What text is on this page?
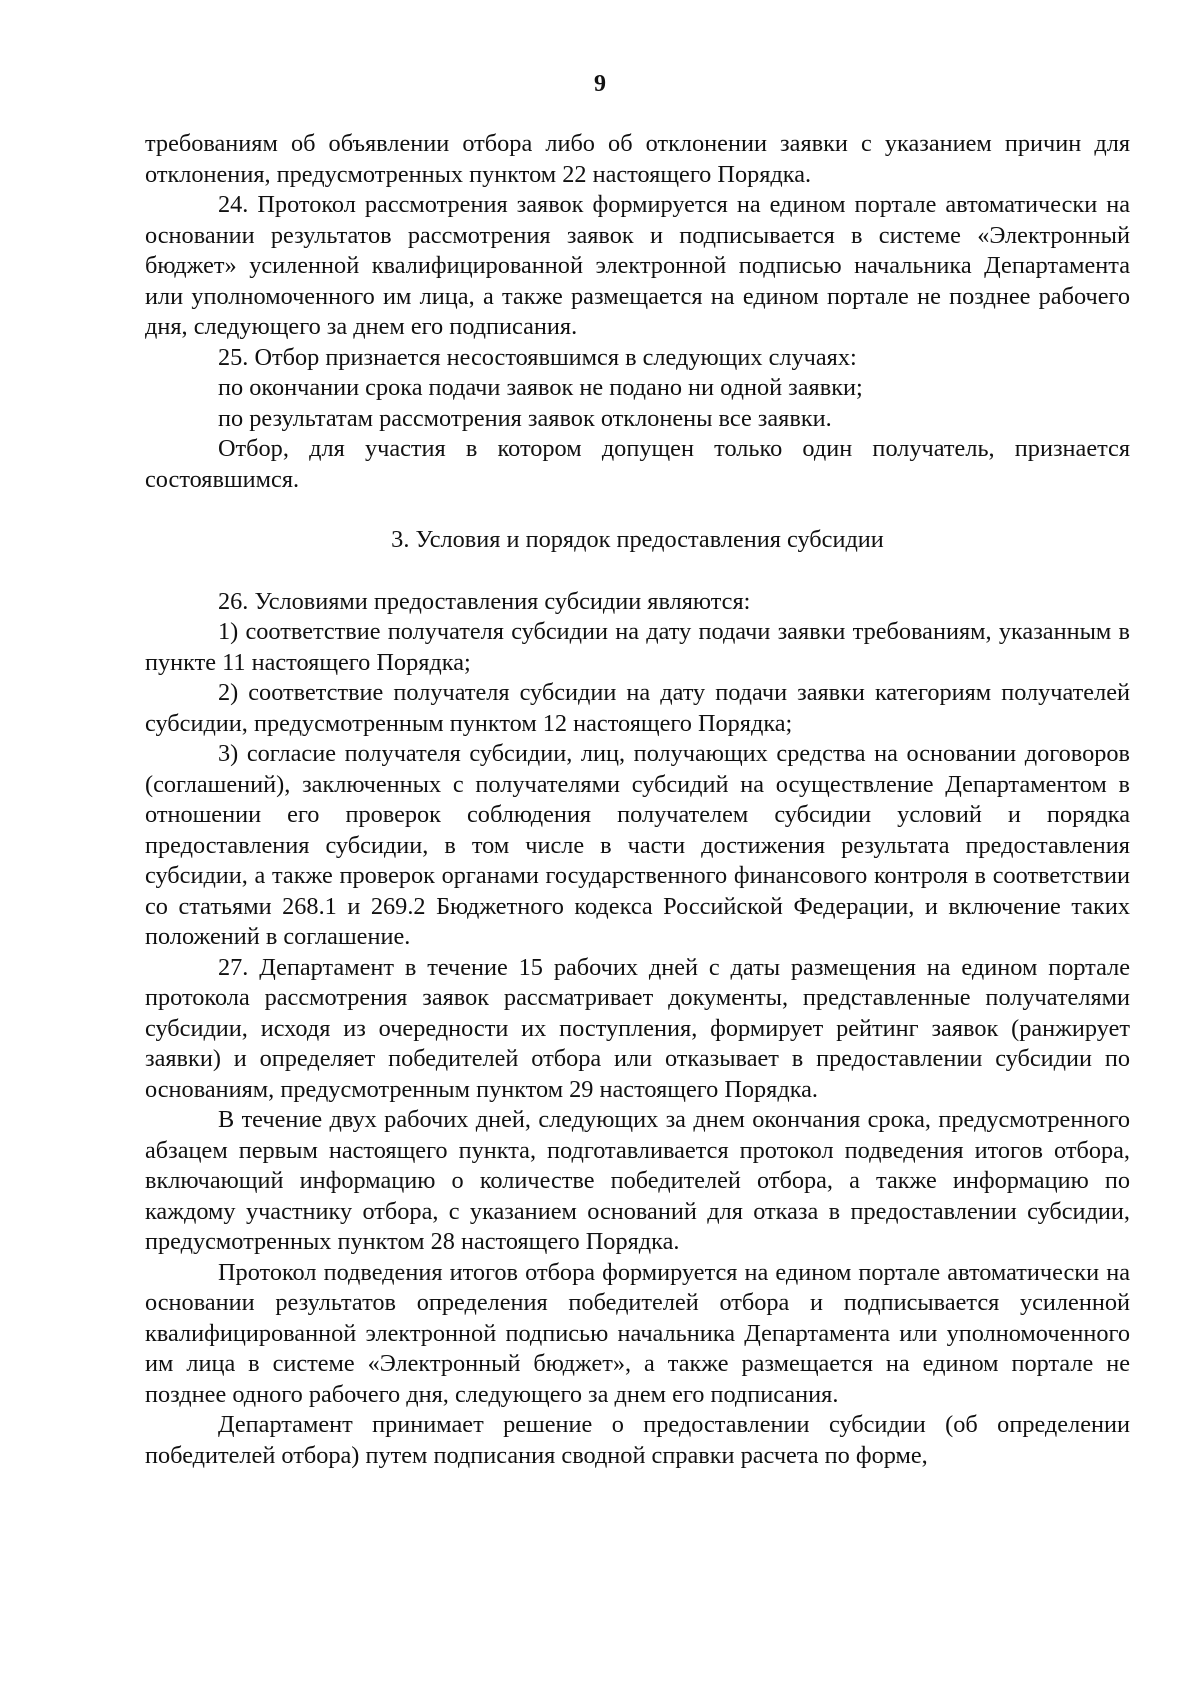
9

требованиям об объявлении отбора либо об отклонении заявки с указанием причин для отклонения, предусмотренных пунктом 22 настоящего Порядка.

24. Протокол рассмотрения заявок формируется на едином портале автоматически на основании результатов рассмотрения заявок и подписывается в системе «Электронный бюджет» усиленной квалифицированной электронной подписью начальника Департамента или уполномоченного им лица, а также размещается на едином портале не позднее рабочего дня, следующего за днем его подписания.

25. Отбор признается несостоявшимся в следующих случаях:

по окончании срока подачи заявок не подано ни одной заявки;

по результатам рассмотрения заявок отклонены все заявки.

Отбор, для участия в котором допущен только один получатель, признается состоявшимся.

3. Условия и порядок предоставления субсидии

26. Условиями предоставления субсидии являются:

1) соответствие получателя субсидии на дату подачи заявки требованиям, указанным в пункте 11 настоящего Порядка;

2) соответствие получателя субсидии на дату подачи заявки категориям получателей субсидии, предусмотренным пунктом 12 настоящего Порядка;

3) согласие получателя субсидии, лиц, получающих средства на основании договоров (соглашений), заключенных с получателями субсидий на осуществление Департаментом в отношении его проверок соблюдения получателем субсидии условий и порядка предоставления субсидии, в том числе в части достижения результата предоставления субсидии, а также проверок органами государственного финансового контроля в соответствии со статьями 268.1 и 269.2 Бюджетного кодекса Российской Федерации, и включение таких положений в соглашение.

27. Департамент в течение 15 рабочих дней с даты размещения на едином портале протокола рассмотрения заявок рассматривает документы, представленные получателями субсидии, исходя из очередности их поступления, формирует рейтинг заявок (ранжирует заявки) и определяет победителей отбора или отказывает в предоставлении субсидии по основаниям, предусмотренным пунктом 29 настоящего Порядка.

В течение двух рабочих дней, следующих за днем окончания срока, предусмотренного абзацем первым настоящего пункта, подготавливается протокол подведения итогов отбора, включающий информацию о количестве победителей отбора, а также информацию по каждому участнику отбора, с указанием оснований для отказа в предоставлении субсидии, предусмотренных пунктом 28 настоящего Порядка.

Протокол подведения итогов отбора формируется на едином портале автоматически на основании результатов определения победителей отбора и подписывается усиленной квалифицированной электронной подписью начальника Департамента или уполномоченного им лица в системе «Электронный бюджет», а также размещается на едином портале не позднее одного рабочего дня, следующего за днем его подписания.

Департамент принимает решение о предоставлении субсидии (об определении победителей отбора) путем подписания сводной справки расчета по форме,
